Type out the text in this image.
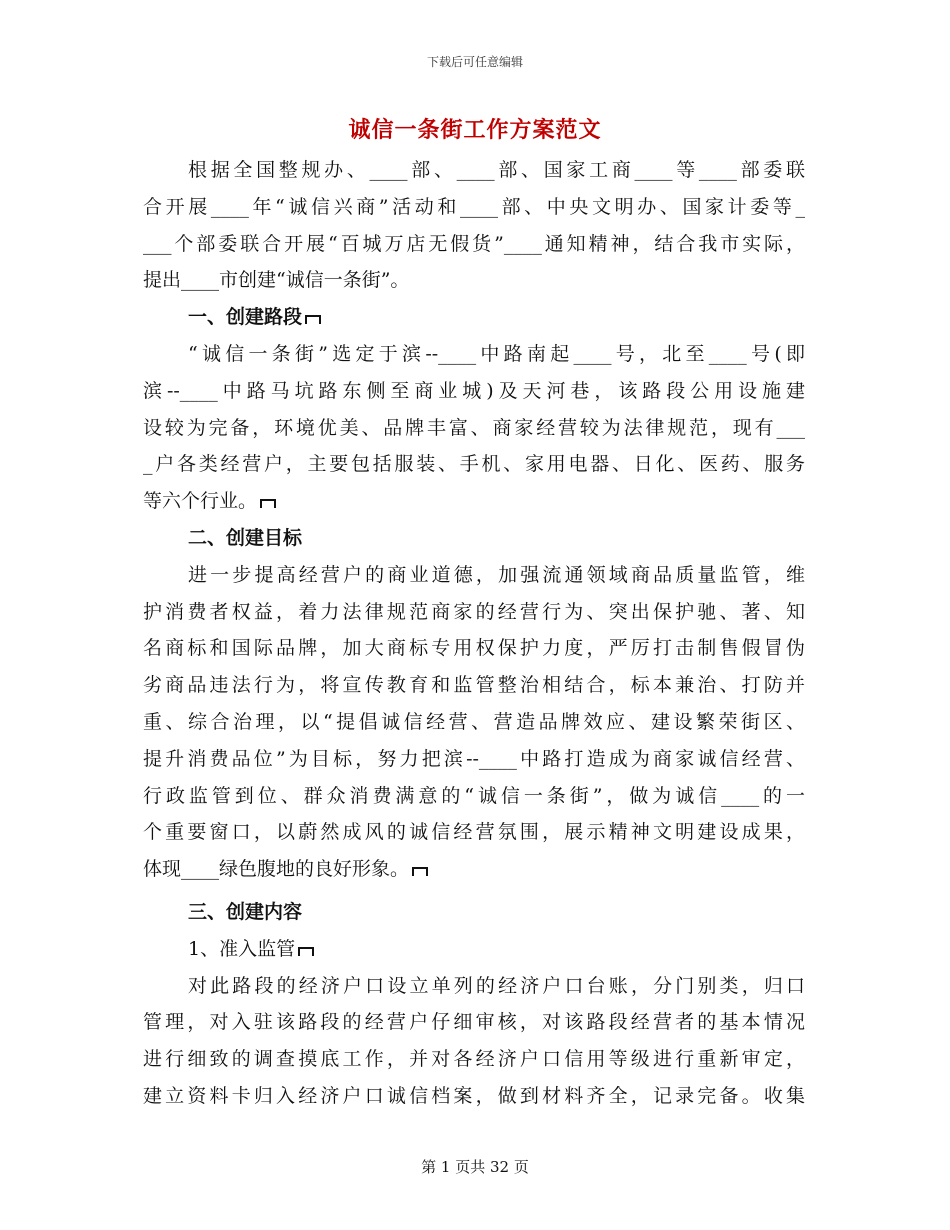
下载后可任意编辑
诚信一条街工作方案范文
根据全国整规办、____部、____部、国家工商____等____部委联
合开展____年“诚信兴商”活动和____部、中央文明办、国家计委等_
___个部委联合开展“百城万店无假货”____通知精神，结合我市实际，
提出____市创建“诚信一条街”。
一、创建路段
“诚信一条街”选定于滨--____中路南起____号，北至____号(即
滨--____中路马坑路东侧至商业城)及天河巷，该路段公用设施建
设较为完备，环境优美、品牌丰富、商家经营较为法律规范，现有___
_户各类经营户，主要包括服装、手机、家用电器、日化、医药、服务
等六个行业。
二、创建目标
进一步提高经营户的商业道德，加强流通领域商品质量监管，维
护消费者权益，着力法律规范商家的经营行为、突出保护驰、著、知
名商标和国际品牌，加大商标专用权保护力度，严厉打击制售假冒伪
劣商品违法行为，将宣传教育和监管整治相结合，标本兼治、打防并
重、综合治理，以“提倡诚信经营、营造品牌效应、建设繁荣街区、
提升消费品位”为目标，努力把滨--____中路打造成为商家诚信经营、
行政监管到位、群众消费满意的“诚信一条街”，做为诚信____的一
个重要窗口，以蔚然成风的诚信经营氛围，展示精神文明建设成果，
体现____绿色腹地的良好形象。
三、创建内容
1、准入监管
对此路段的经济户口设立单列的经济户口台账，分门别类，归口
管理，对入驻该路段的经营户仔细审核，对该路段经营者的基本情况
进行细致的调查摸底工作，并对各经济户口信用等级进行重新审定，
建立资料卡归入经济户口诚信档案，做到材料齐全，记录完备。收集
第 1 页共 32 页
